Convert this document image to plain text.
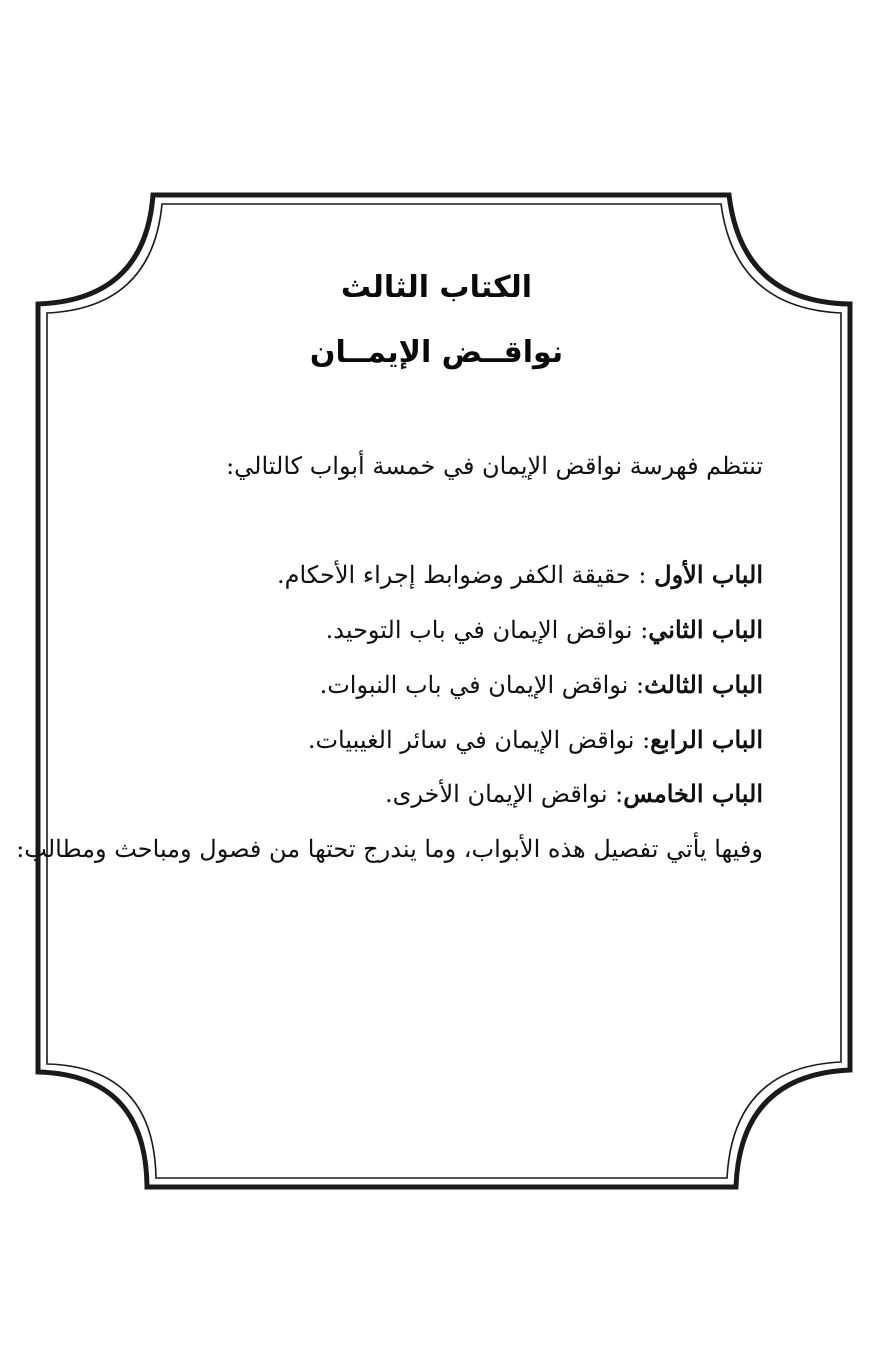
الكتاب الثالث
نواقــض الإيمــان
تنتظم فهرسة نواقض الإيمان في خمسة أبواب كالتالي:
الباب الأول : حقيقة الكفر وضوابط إجراء الأحكام.
الباب الثاني: نواقض الإيمان في باب التوحيد.
الباب الثالث: نواقض الإيمان في باب النبوات.
الباب الرابع: نواقض الإيمان في سائر الغيبيات.
الباب الخامس: نواقض الإيمان الأخرى.
وفيها يأتي تفصيل هذه الأبواب، وما يندرج تحتها من فصول ومباحث ومطالب:
